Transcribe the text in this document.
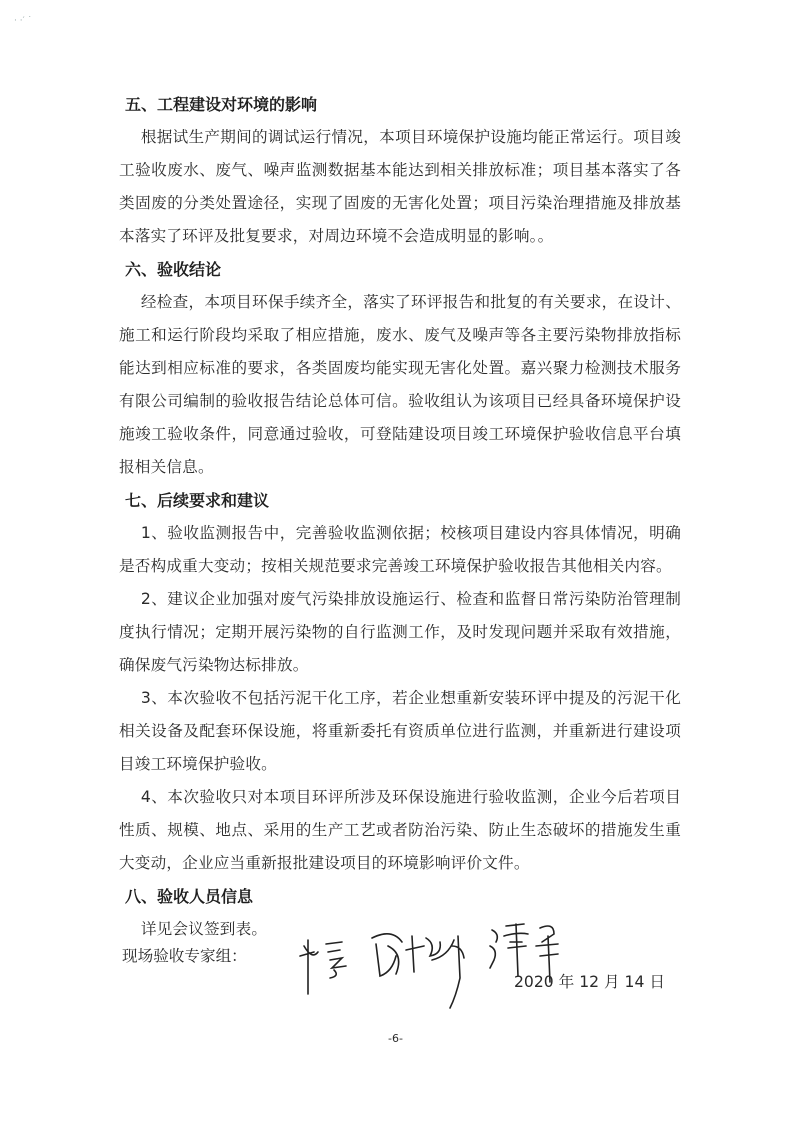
· ·′ ˙
五、工程建设对环境的影响

根据试生产期间的调试运行情况，本项目环境保护设施均能正常运行。项目竣工验收废水、废气、噪声监测数据基本能达到相关排放标准；项目基本落实了各类固废的分类处置途径，实现了固废的无害化处置；项目污染治理措施及排放基本落实了环评及批复要求，对周边环境不会造成明显的影响。。

六、验收结论

经检查，本项目环保手续齐全，落实了环评报告和批复的有关要求，在设计、施工和运行阶段均采取了相应措施，废水、废气及噪声等各主要污染物排放指标能达到相应标准的要求，各类固废均能实现无害化处置。嘉兴聚力检测技术服务有限公司编制的验收报告结论总体可信。验收组认为该项目已经具备环境保护设施竣工验收条件，同意通过验收，可登陆建设项目竣工环境保护验收信息平台填报相关信息。

七、后续要求和建议

1、验收监测报告中，完善验收监测依据；校核项目建设内容具体情况，明确是否构成重大变动；按相关规范要求完善竣工环境保护验收报告其他相关内容。

2、建议企业加强对废气污染排放设施运行、检查和监督日常污染防治管理制度执行情况；定期开展污染物的自行监测工作，及时发现问题并采取有效措施，确保废气污染物达标排放。

3、本次验收不包括污泥干化工序，若企业想重新安装环评中提及的污泥干化相关设备及配套环保设施，将重新委托有资质单位进行监测，并重新进行建设项目竣工环境保护验收。

4、本次验收只对本项目环评所涉及环保设施进行验收监测，企业今后若项目性质、规模、地点、采用的生产工艺或者防治污染、防止生态破坏的措施发生重大变动，企业应当重新报批建设项目的环境影响评价文件。

八、验收人员信息

详见会议签到表。

现场验收专家组：
2020 年 12 月 14 日
-6-
